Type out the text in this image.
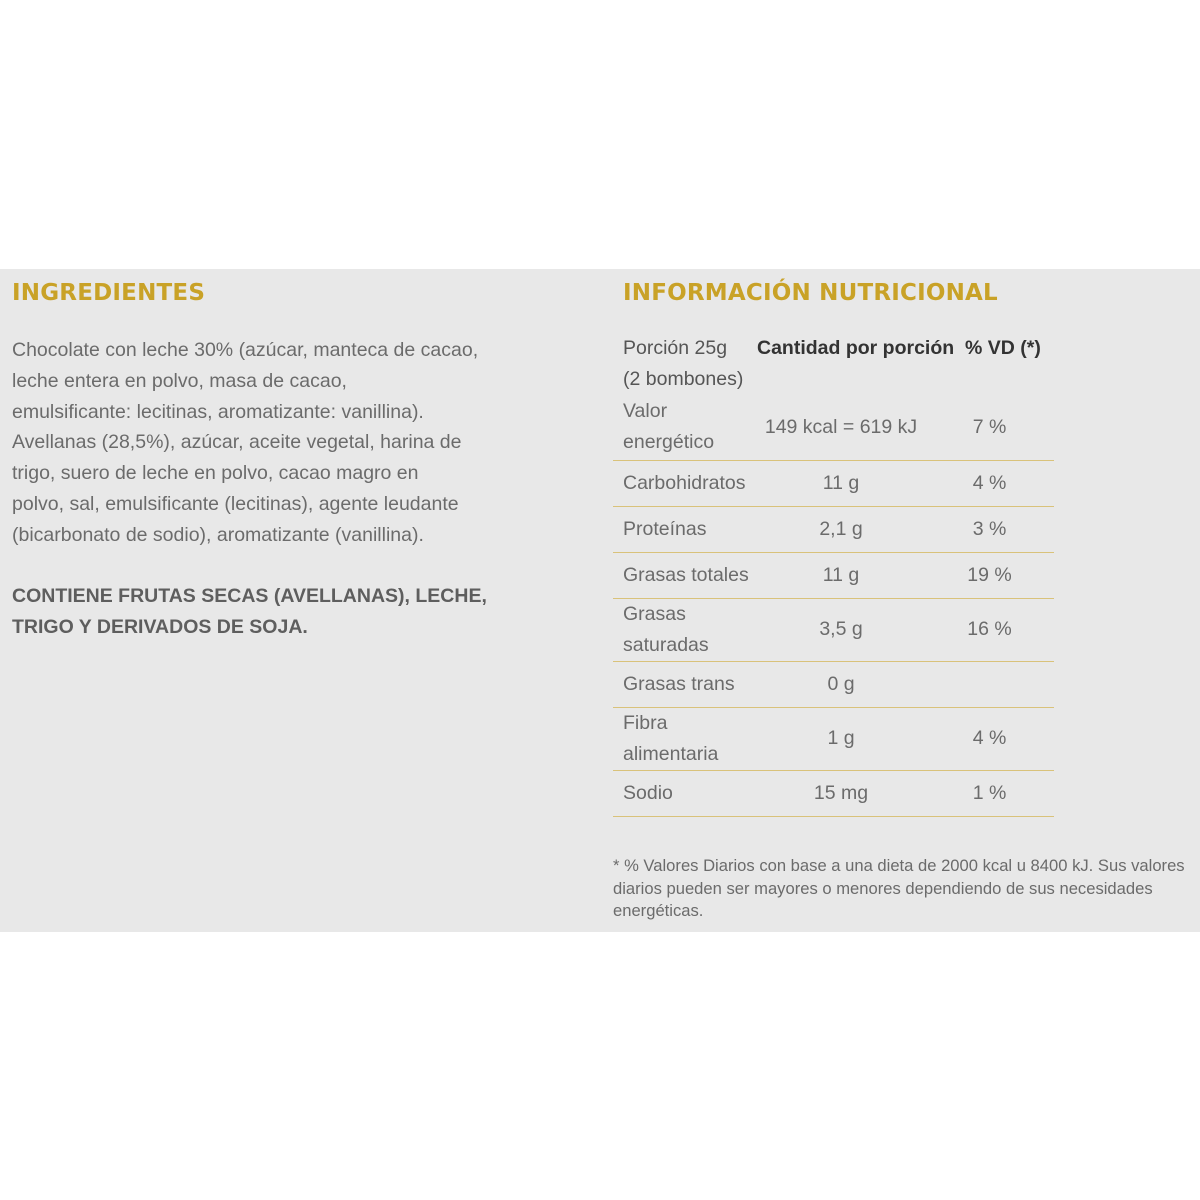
INGREDIENTES

Chocolate con leche 30% (azúcar, manteca de cacao,
leche entera en polvo, masa de cacao,
emulsificante: lecitinas, aromatizante: vanillina).
Avellanas (28,5%), azúcar, aceite vegetal, harina de
trigo, suero de leche en polvo, cacao magro en
polvo, sal, emulsificante (lecitinas), agente leudante
(bicarbonato de sodio), aromatizante (vanillina).

CONTIENE FRUTAS SECAS (AVELLANAS), LECHE,
TRIGO Y DERIVADOS DE SOJA.

INFORMACIÓN NUTRICIONAL
Porción 25g
(2 bombones)	Cantidad por porción	% VD (*)
Valor
energético	149 kcal = 619 kJ	7 %
Carbohidratos	11 g	4 %
Proteínas	2,1 g	3 %
Grasas totales	11 g	19 %
Grasas
saturadas	3,5 g	16 %
Grasas trans	0 g	
Fibra
alimentaria	1 g	4 %
Sodio	15 mg	1 %

* % Valores Diarios con base a una dieta de 2000 kcal u 8400 kJ. Sus valores
diarios pueden ser mayores o menores dependiendo de sus necesidades
energéticas.
